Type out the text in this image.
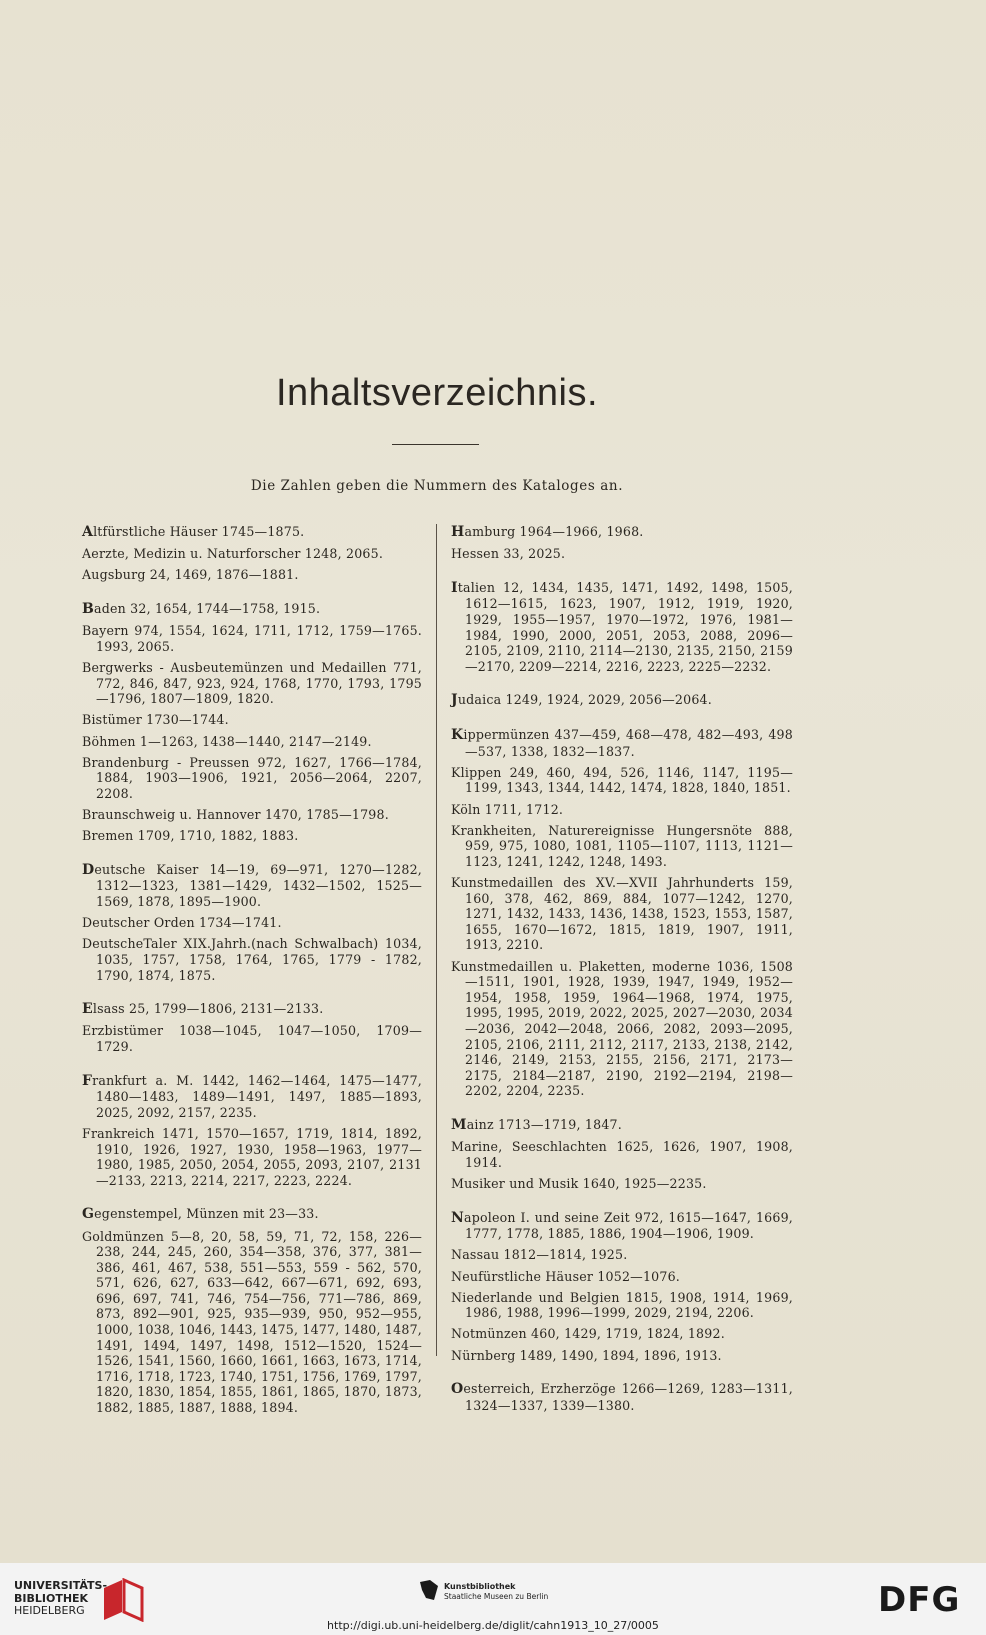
Inhaltsverzeichnis.
Die Zahlen geben die Nummern des Kataloges an.
Altfürstliche Häuser 1745—1875.
Aerzte, Medizin u. Naturforscher 1248, 2065.
Augsburg 24, 1469, 1876—1881.
Baden 32, 1654, 1744—1758, 1915.
Bayern 974, 1554, 1624, 1711, 1712, 1759—1765. 1993, 2065.
Bergwerks - Ausbeutemünzen und Medaillen 771, 772, 846, 847, 923, 924, 1768, 1770, 1793, 1795—1796, 1807—1809, 1820.
Bistümer 1730—1744.
Böhmen 1—1263, 1438—1440, 2147—2149.
Brandenburg - Preussen 972, 1627, 1766—1784, 1884, 1903—1906, 1921, 2056—2064, 2207, 2208.
Braunschweig u. Hannover 1470, 1785—1798.
Bremen 1709, 1710, 1882, 1883.
Deutsche Kaiser 14—19, 69—971, 1270—1282, 1312—1323, 1381—1429, 1432—1502, 1525—1569, 1878, 1895—1900.
Deutscher Orden 1734—1741.
DeutscheTaler XIX.Jahrh.(nach Schwalbach) 1034, 1035, 1757, 1758, 1764, 1765, 1779 - 1782, 1790, 1874, 1875.
Elsass 25, 1799—1806, 2131—2133.
Erzbistümer 1038—1045, 1047—1050, 1709—1729.
Frankfurt a. M. 1442, 1462—1464, 1475—1477, 1480—1483, 1489—1491, 1497, 1885—1893, 2025, 2092, 2157, 2235.
Frankreich 1471, 1570—1657, 1719, 1814, 1892, 1910, 1926, 1927, 1930, 1958—1963, 1977—1980, 1985, 2050, 2054, 2055, 2093, 2107, 2131—2133, 2213, 2214, 2217, 2223, 2224.
Gegenstempel, Münzen mit 23—33.
Goldmünzen 5—8, 20, 58, 59, 71, 72, 158, 226—238, 244, 245, 260, 354—358, 376, 377, 381—386, 461, 467, 538, 551—553, 559 - 562, 570, 571, 626, 627, 633—642, 667—671, 692, 693, 696, 697, 741, 746, 754—756, 771—786, 869, 873, 892—901, 925, 935—939, 950, 952—955, 1000, 1038, 1046, 1443, 1475, 1477, 1480, 1487, 1491, 1494, 1497, 1498, 1512—1520, 1524—1526, 1541, 1560, 1660, 1661, 1663, 1673, 1714, 1716, 1718, 1723, 1740, 1751, 1756, 1769, 1797, 1820, 1830, 1854, 1855, 1861, 1865, 1870, 1873, 1882, 1885, 1887, 1888, 1894.
Hamburg 1964—1966, 1968.
Hessen 33, 2025.
Italien 12, 1434, 1435, 1471, 1492, 1498, 1505, 1612—1615, 1623, 1907, 1912, 1919, 1920, 1929, 1955—1957, 1970—1972, 1976, 1981—1984, 1990, 2000, 2051, 2053, 2088, 2096—2105, 2109, 2110, 2114—2130, 2135, 2150, 2159—2170, 2209—2214, 2216, 2223, 2225—2232.
Judaica 1249, 1924, 2029, 2056—2064.
Kippermünzen 437—459, 468—478, 482—493, 498—537, 1338, 1832—1837.
Klippen 249, 460, 494, 526, 1146, 1147, 1195—1199, 1343, 1344, 1442, 1474, 1828, 1840, 1851.
Köln 1711, 1712.
Krankheiten, Naturereignisse Hungersnöte 888, 959, 975, 1080, 1081, 1105—1107, 1113, 1121—1123, 1241, 1242, 1248, 1493.
Kunstmedaillen des XV.—XVII Jahrhunderts 159, 160, 378, 462, 869, 884, 1077—1242, 1270, 1271, 1432, 1433, 1436, 1438, 1523, 1553, 1587, 1655, 1670—1672, 1815, 1819, 1907, 1911, 1913, 2210.
Kunstmedaillen u. Plaketten, moderne 1036, 1508—1511, 1901, 1928, 1939, 1947, 1949, 1952—1954, 1958, 1959, 1964—1968, 1974, 1975, 1995, 1995, 2019, 2022, 2025, 2027—2030, 2034—2036, 2042—2048, 2066, 2082, 2093—2095, 2105, 2106, 2111, 2112, 2117, 2133, 2138, 2142, 2146, 2149, 2153, 2155, 2156, 2171, 2173—2175, 2184—2187, 2190, 2192—2194, 2198—2202, 2204, 2235.
Mainz 1713—1719, 1847.
Marine, Seeschlachten 1625, 1626, 1907, 1908, 1914.
Musiker und Musik 1640, 1925—2235.
Napoleon I. und seine Zeit 972, 1615—1647, 1669, 1777, 1778, 1885, 1886, 1904—1906, 1909.
Nassau 1812—1814, 1925.
Neufürstliche Häuser 1052—1076.
Niederlande und Belgien 1815, 1908, 1914, 1969, 1986, 1988, 1996—1999, 2029, 2194, 2206.
Notmünzen 460, 1429, 1719, 1824, 1892.
Nürnberg 1489, 1490, 1894, 1896, 1913.
Oesterreich, Erzherzöge 1266—1269, 1283—1311, 1324—1337, 1339—1380.
UNIVERSITÄTS-
BIBLIOTHEK
HEIDELBERG
Kunstbibliothek
Staatliche Museen zu Berlin	DFG
http://digi.ub.uni-heidelberg.de/diglit/cahn1913_10_27/0005
